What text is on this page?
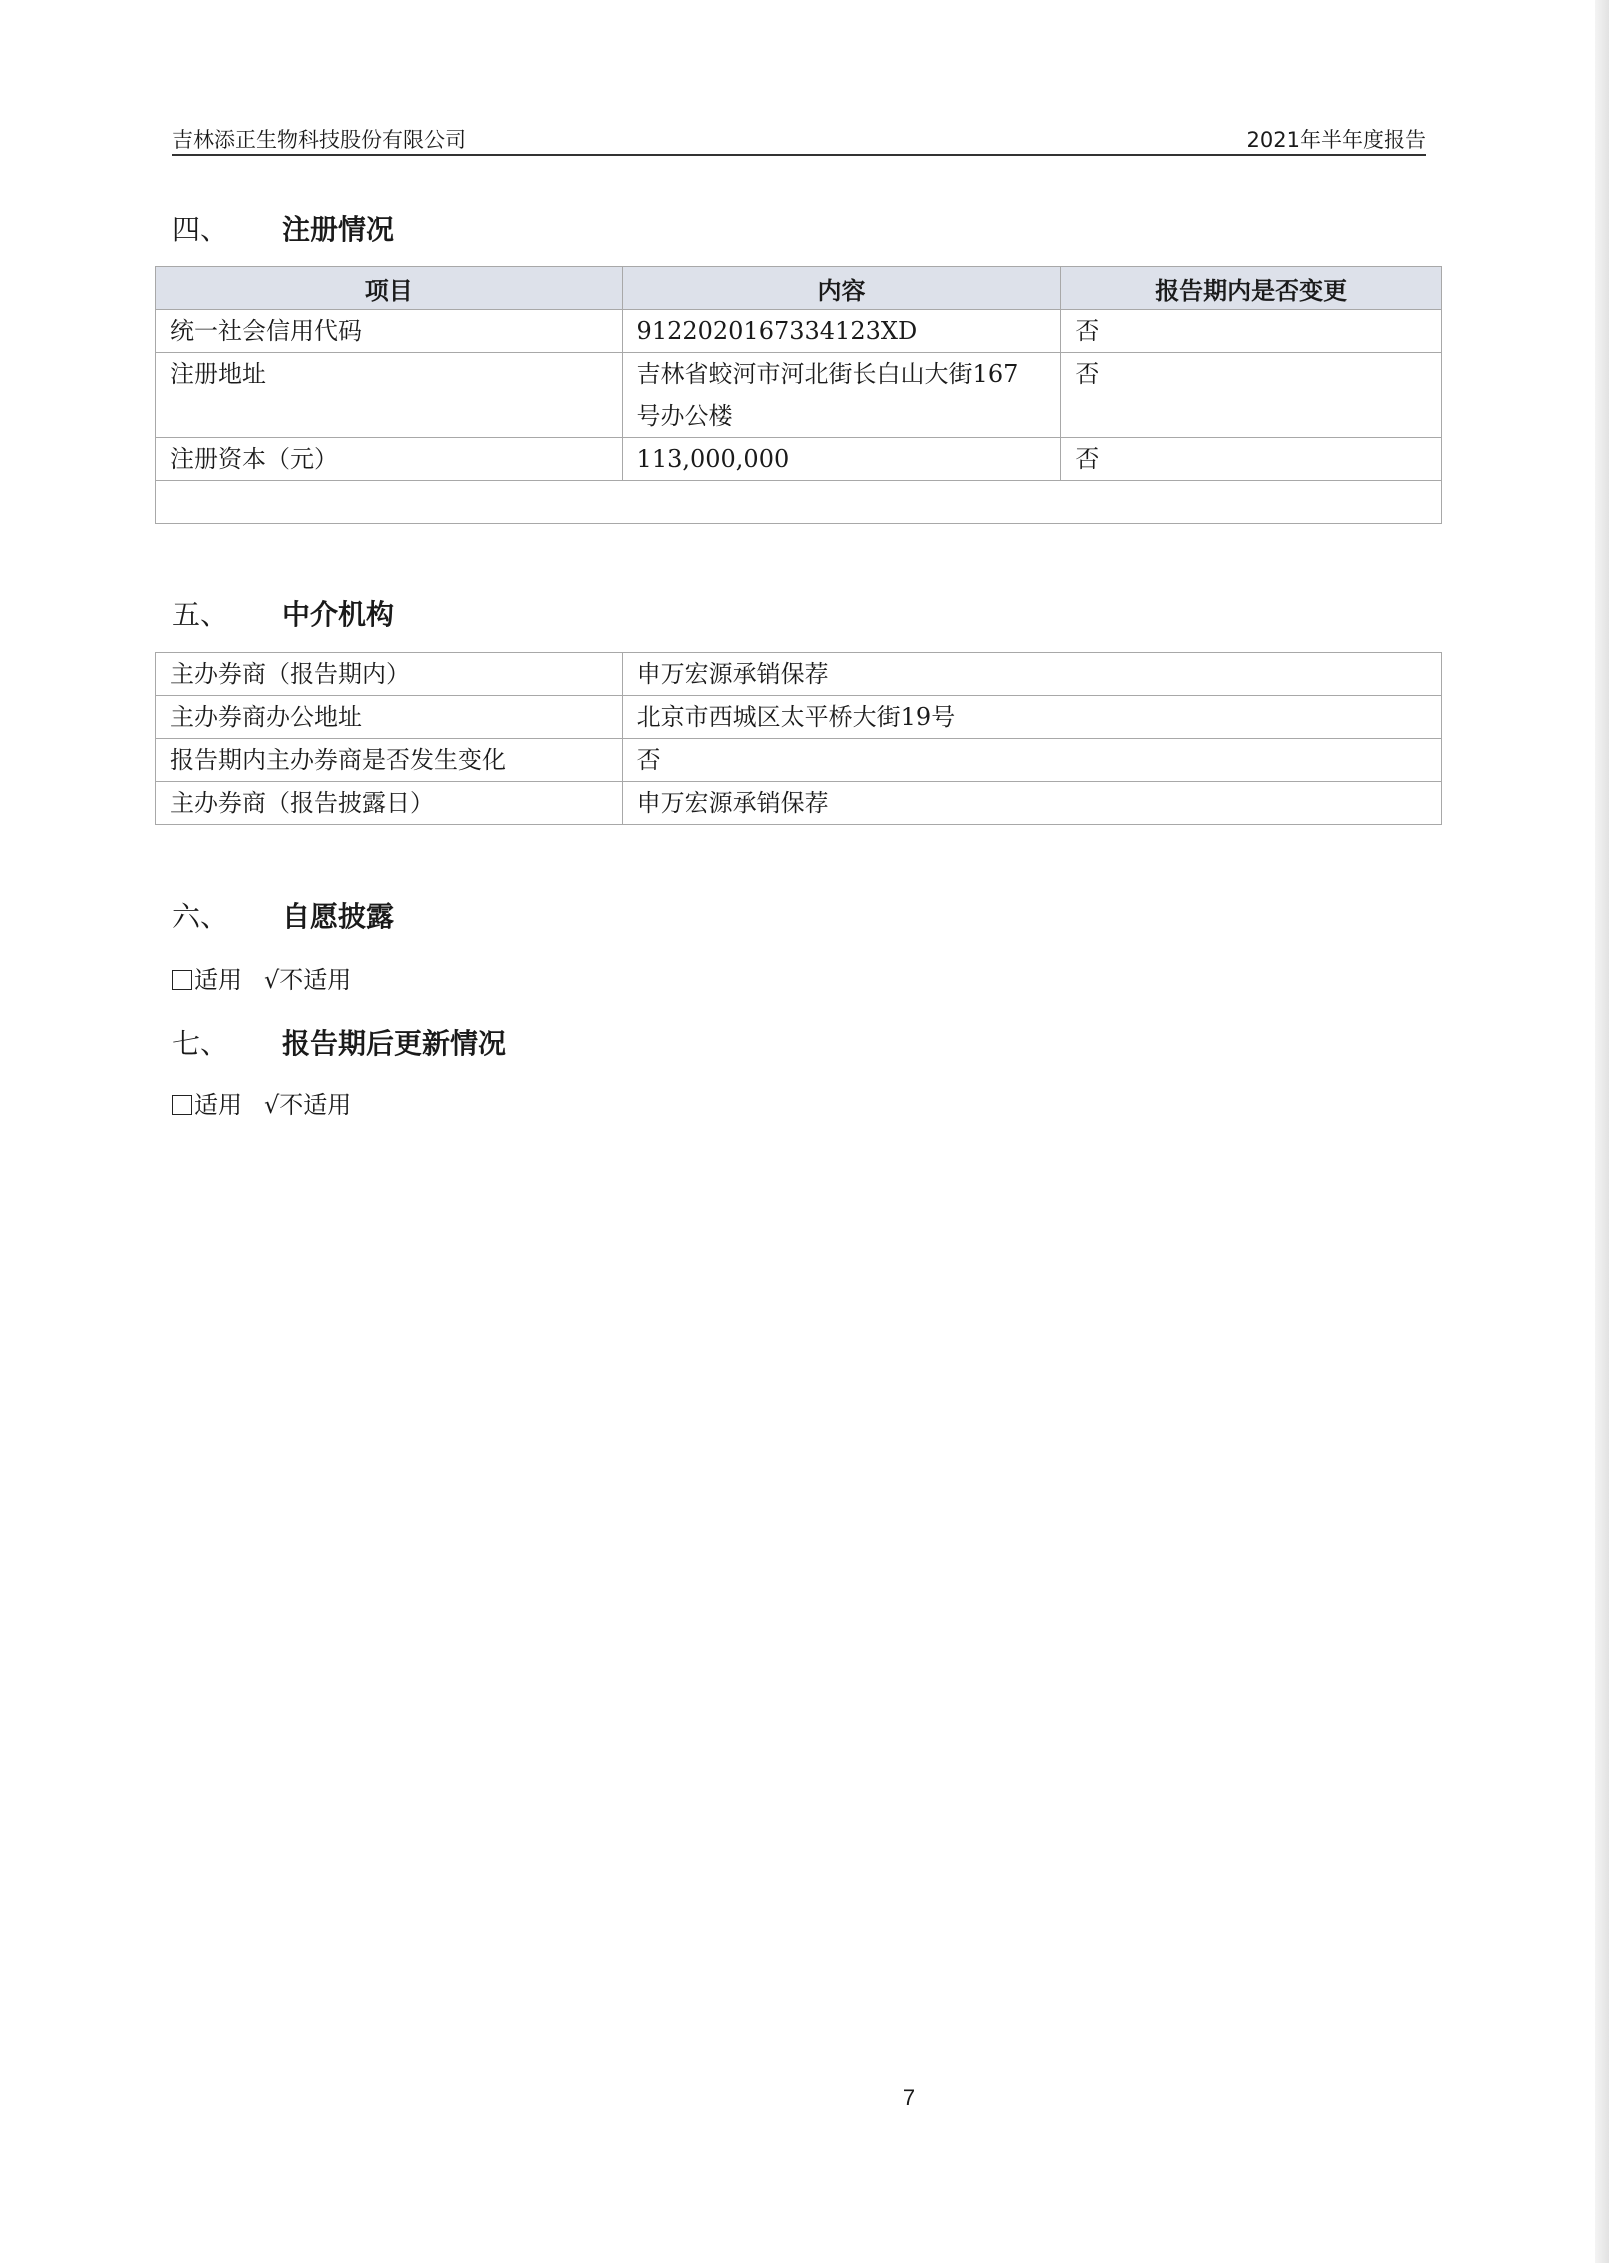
吉林添正生物科技股份有限公司	2021年半年度报告
四、 注册情况
项目	内容	报告期内是否变更
统一社会信用代码	9122020167334123XD	否
注册地址	吉林省蛟河市河北街长白山大街167号办公楼	否
注册资本（元）	113,000,000	否

五、 中介机构
主办券商（报告期内）	申万宏源承销保荐
主办券商办公地址	北京市西城区太平桥大街19号
报告期内主办券商是否发生变化	否
主办券商（报告披露日）	申万宏源承销保荐
六、 自愿披露
适用 √不适用
七、 报告期后更新情况
适用 √不适用
7
